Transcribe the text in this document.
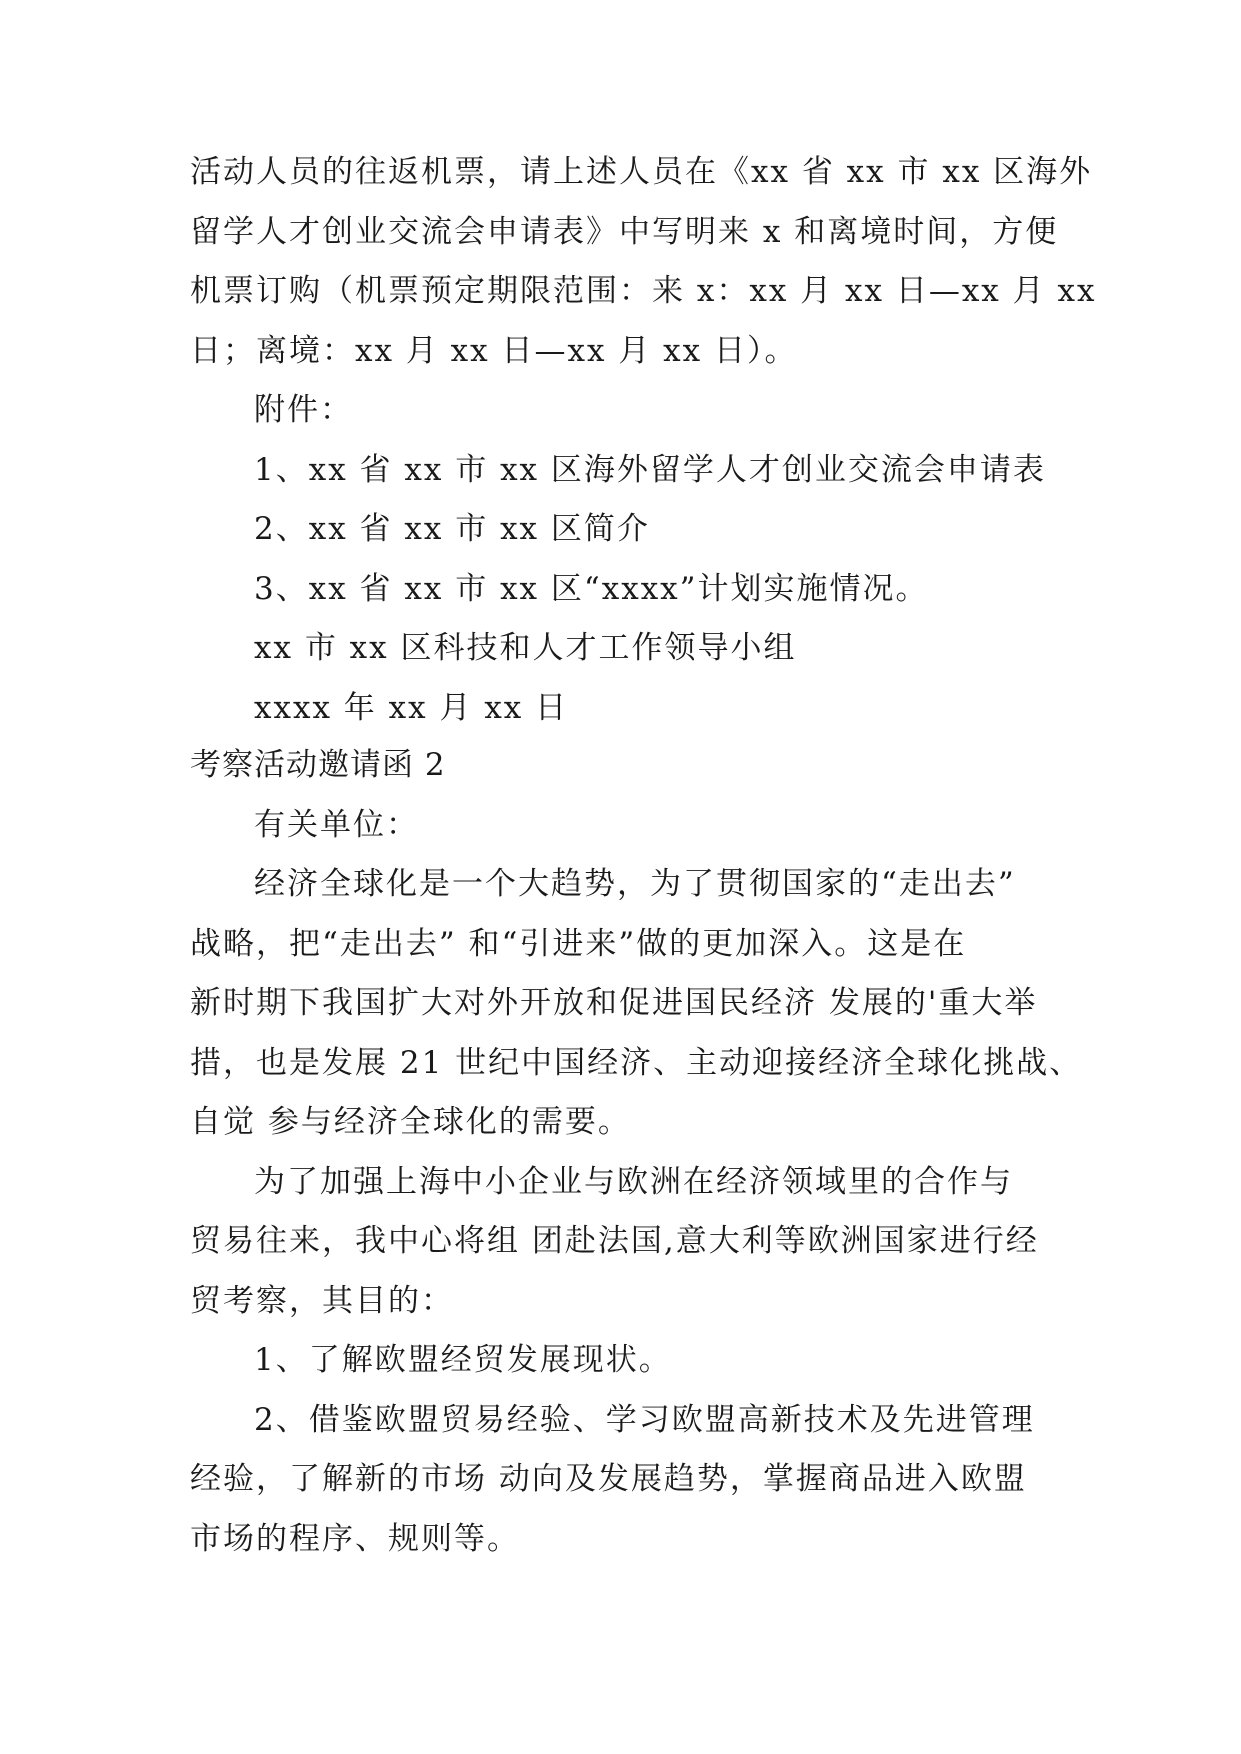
活动人员的往返机票，请上述人员在《xx 省 xx 市 xx 区海外
留学人才创业交流会申请表》中写明来 x 和离境时间，方便
机票订购（机票预定期限范围：来 x：xx 月 xx 日—xx 月 xx
日；离境：xx 月 xx 日—xx 月 xx 日）。
附件：
1、xx 省 xx 市 xx 区海外留学人才创业交流会申请表
2、xx 省 xx 市 xx 区简介
3、xx 省 xx 市 xx 区“xxxx”计划实施情况。
xx 市 xx 区科技和人才工作领导小组
xxxx 年 xx 月 xx 日
考察活动邀请函 2
有关单位：
经济全球化是一个大趋势，为了贯彻国家的“走出去”
战略，把“走出去” 和“引进来”做的更加深入。这是在
新时期下我国扩大对外开放和促进国民经济 发展的'重大举
措，也是发展 21 世纪中国经济、主动迎接经济全球化挑战、
自觉 参与经济全球化的需要。
为了加强上海中小企业与欧洲在经济领域里的合作与
贸易往来，我中心将组 团赴法国,意大利等欧洲国家进行经
贸考察，其目的：
1、了解欧盟经贸发展现状。
2、借鉴欧盟贸易经验、学习欧盟高新技术及先进管理
经验，了解新的市场 动向及发展趋势，掌握商品进入欧盟
市场的程序、规则等。
